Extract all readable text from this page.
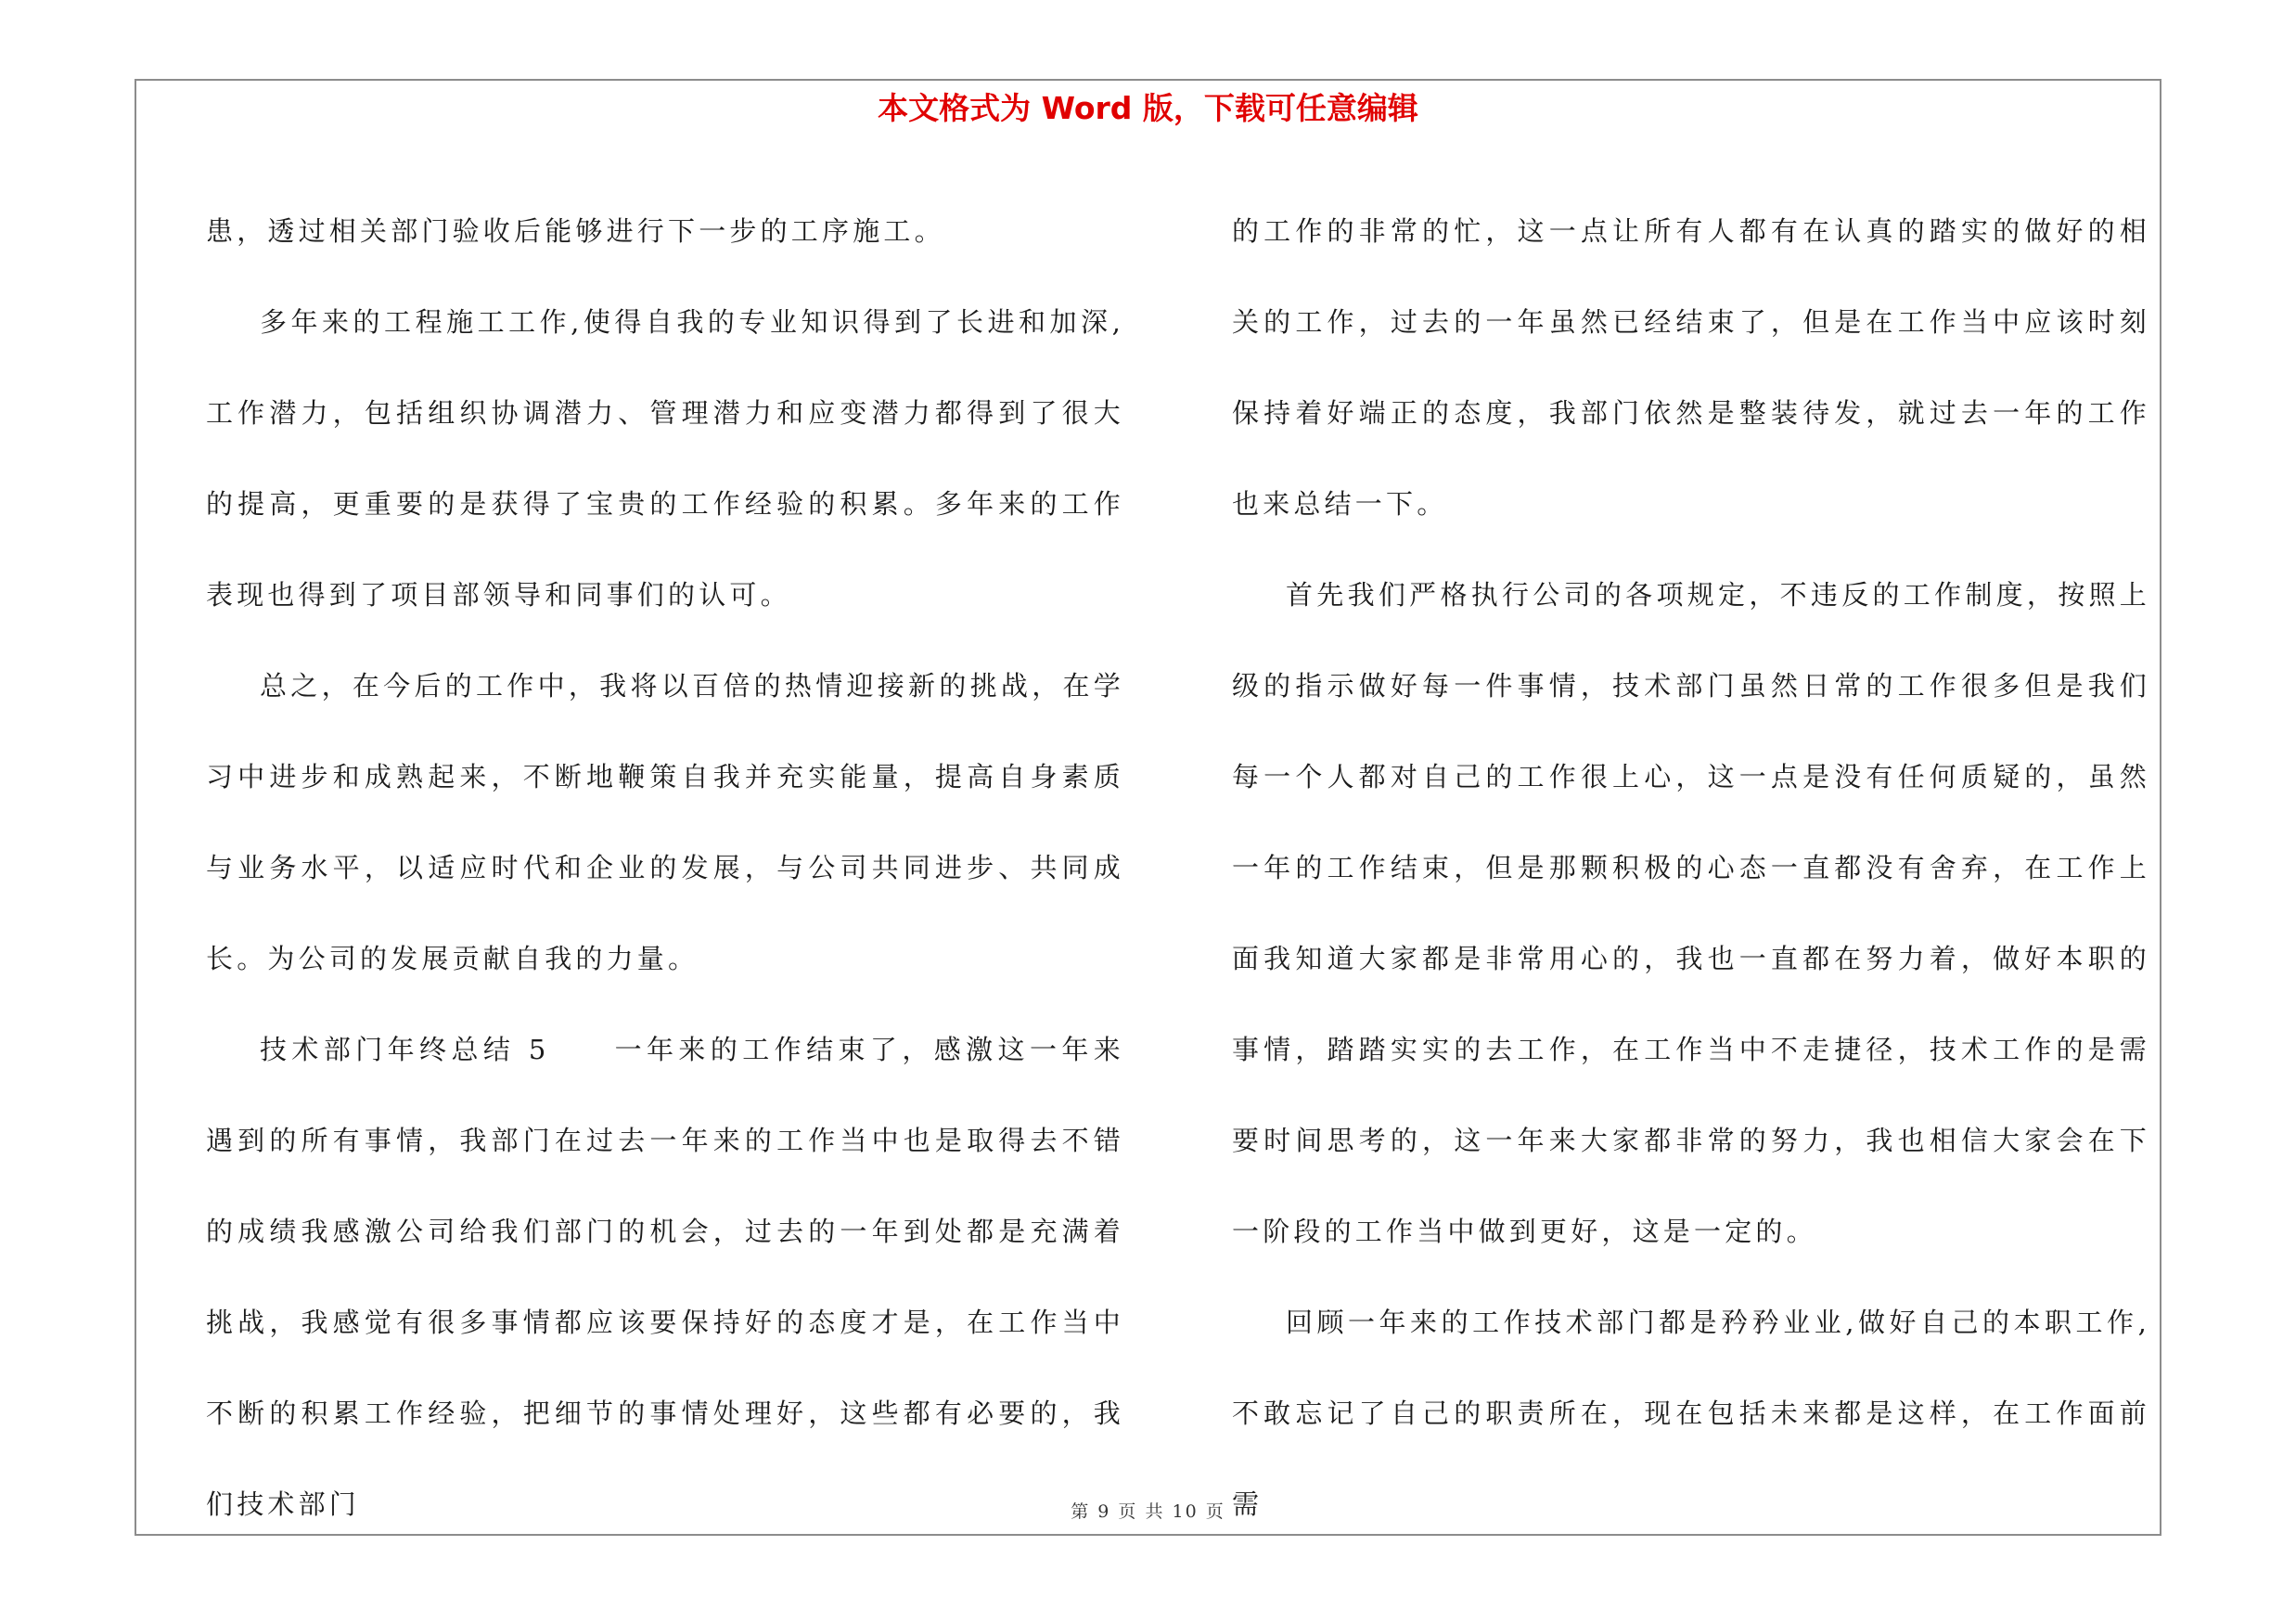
本文格式为 Word 版，下载可任意编辑

患，透过相关部门验收后能够进行下一步的工序施工。

多年来的工程施工工作,使得自我的专业知识得到了长进和加深,工作潜力，包括组织协调潜力、管理潜力和应变潜力都得到了很大的提高，更重要的是获得了宝贵的工作经验的积累。多年来的工作表现也得到了项目部领导和同事们的认可。

总之，在今后的工作中，我将以百倍的热情迎接新的挑战，在学习中进步和成熟起来，不断地鞭策自我并充实能量，提高自身素质与业务水平，以适应时代和企业的发展，与公司共同进步、共同成长。为公司的发展贡献自我的力量。

技术部门年终总结 5　　一年来的工作结束了，感激这一年来遇到的所有事情，我部门在过去一年来的工作当中也是取得去不错的成绩我感激公司给我们部门的机会，过去的一年到处都是充满着挑战，我感觉有很多事情都应该要保持好的态度才是，在工作当中不断的积累工作经验，把细节的事情处理好，这些都有必要的，我们技术部门

的工作的非常的忙，这一点让所有人都有在认真的踏实的做好的相关的工作，过去的一年虽然已经结束了，但是在工作当中应该时刻保持着好端正的态度，我部门依然是整装待发，就过去一年的工作也来总结一下。

首先我们严格执行公司的各项规定，不违反的工作制度，按照上级的指示做好每一件事情，技术部门虽然日常的工作很多但是我们每一个人都对自己的工作很上心，这一点是没有任何质疑的，虽然一年的工作结束，但是那颗积极的心态一直都没有舍弃，在工作上面我知道大家都是非常用心的，我也一直都在努力着，做好本职的事情，踏踏实实的去工作，在工作当中不走捷径，技术工作的是需要时间思考的，这一年来大家都非常的努力，我也相信大家会在下一阶段的工作当中做到更好，这是一定的。

回顾一年来的工作技术部门都是矜矜业业,做好自己的本职工作,不敢忘记了自己的职责所在，现在包括未来都是这样，在工作面前需

第 9 页 共 10 页
